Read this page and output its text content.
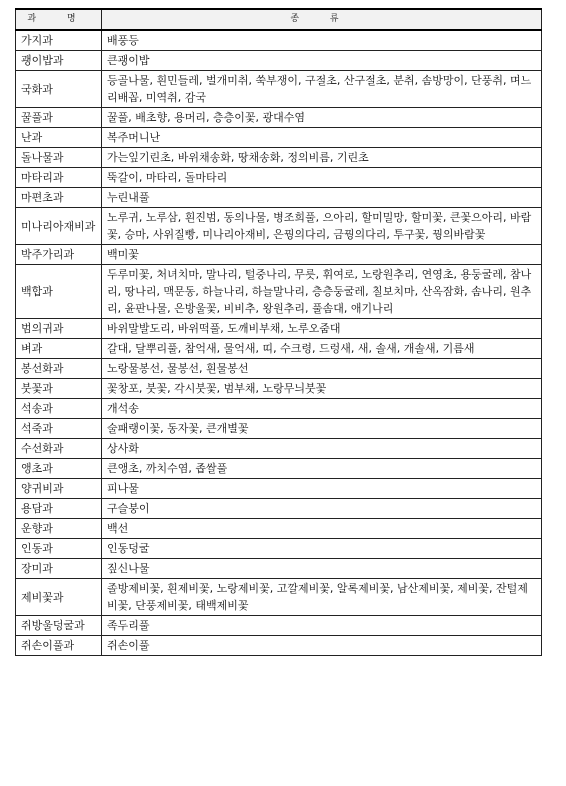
과 명	종 류
가지과	배풍등
괭이밥과	큰괭이밥
국화과	등골나물, 흰민들레, 벌개미취, 쑥부쟁이, 구절초, 산구절초, 분취, 솜방망이, 단풍취, 며느리배꼽, 미역취, 감국
꿀풀과	꿀풀, 배초향, 용머리, 층층이꽃, 광대수염
난과	복주머니난
돌나물과	가는잎기린초, 바위채송화, 땅채송화, 정의비름, 기린초
마타리과	뚝갈이, 마타리, 돌마타리
마편초과	누린내풀
미나리아재비과	노루귀, 노루삼, 흰진범, 동의나물, 병조희풀, 으아리, 할미밀망, 할미꽃, 큰꽃으아리, 바람꽃, 승마, 사위질빵, 미나리아재비, 은꿩의다리, 금꿩의다리, 투구꽃, 꿩의바람꽃
박주가리과	백미꽃
백합과	두루미꽃, 처녀치마, 말나리, 털중나리, 무릇, 휘여로, 노랑원추리, 연영초, 용둥굴레, 참나리, 땅나리, 맥문동, 하늘나리, 하늘말나리, 층층둥굴레, 칠보치마, 산옥잠화, 솜나리, 원추리, 윤판나물, 은방울꽃, 비비추, 왕원추리, 풀솜대, 애기나리
범의귀과	바위말발도리, 바위떡풀, 도깨비부채, 노루오줌대
벼과	갈대, 달뿌리풀, 참억새, 물억새, 띠, 수크령, 드렁새, 새, 솔새, 개솔새, 기름새
봉선화과	노랑물봉선, 물봉선, 흰물봉선
붓꽃과	꽃창포, 붓꽃, 각시붓꽃, 범부채, 노랑무늬붓꽃
석송과	개석송
석죽과	술패랭이꽃, 동자꽃, 큰개별꽃
수선화과	상사화
앵초과	큰앵초, 까치수염, 좁쌀풀
양귀비과	피나물
용담과	구슬붕이
운향과	백선
인동과	인동덩굴
장미과	짚신나물
제비꽃과	졸방제비꽃, 흰제비꽃, 노랑제비꽃, 고깔제비꽃, 알록제비꽃, 남산제비꽃, 제비꽃, 잔털제비꽃, 단풍제비꽃, 태백제비꽃
쥐방울덩굴과	족두리풀
쥐손이풀과	쥐손이풀
